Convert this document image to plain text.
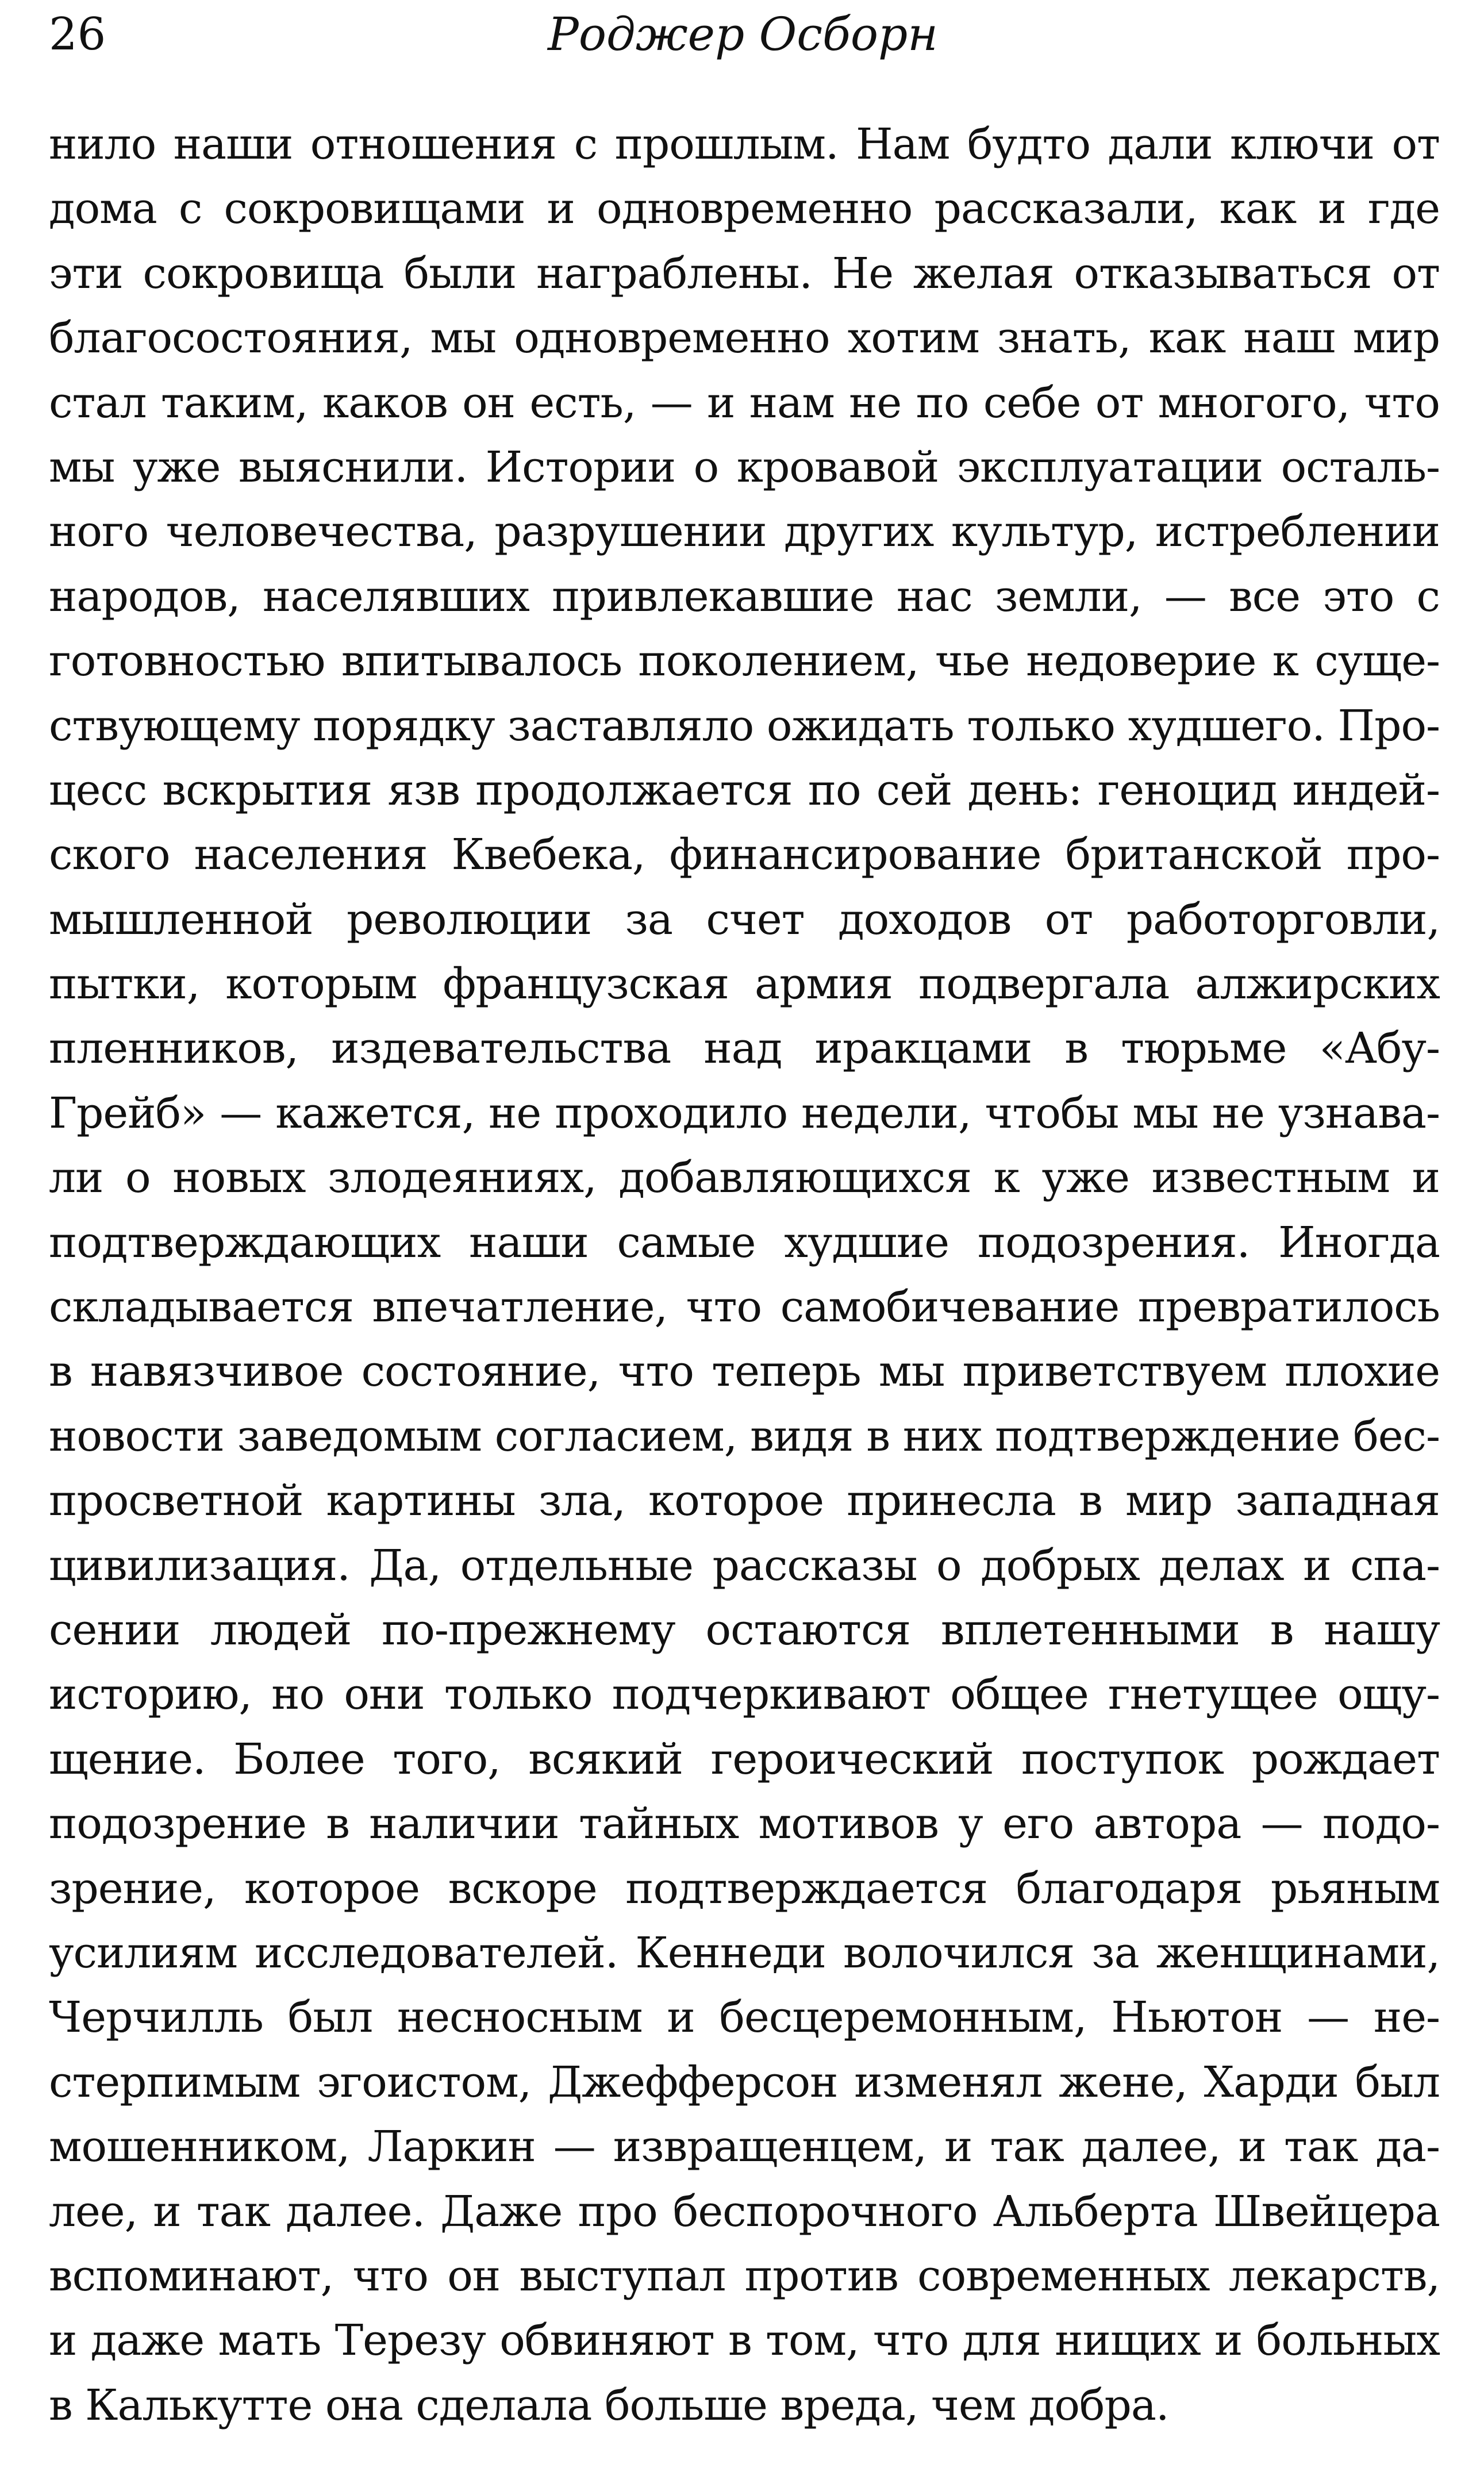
26	Роджер Осборн
нило наши отношения с прошлым. Нам будто дали ключи от
дома с сокровищами и одновременно рассказали, как и где
эти сокровища были награблены. Не желая отказываться от
благосостояния, мы одновременно хотим знать, как наш мир
стал таким, каков он есть, — и нам не по себе от многого, что
мы уже выяснили. Истории о кровавой эксплуатации осталь-
ного человечества, разрушении других культур, истреблении
народов, населявших привлекавшие нас земли, — все это с
готовностью впитывалось поколением, чье недоверие к суще-
ствующему порядку заставляло ожидать только худшего. Про-
цесс вскрытия язв продолжается по сей день: геноцид индей-
ского населения Квебека, финансирование британской про-
мышленной революции за счет доходов от работорговли,
пытки, которым французская армия подвергала алжирских
пленников, издевательства над иракцами в тюрьме «Абу-
Грейб» — кажется, не проходило недели, чтобы мы не узнава-
ли о новых злодеяниях, добавляющихся к уже известным и
подтверждающих наши самые худшие подозрения. Иногда
складывается впечатление, что самобичевание превратилось
в навязчивое состояние, что теперь мы приветствуем плохие
новости заведомым согласием, видя в них подтверждение бес-
просветной картины зла, которое принесла в мир западная
цивилизация. Да, отдельные рассказы о добрых делах и спа-
сении людей по-прежнему остаются вплетенными в нашу
историю, но они только подчеркивают общее гнетущее ощу-
щение. Более того, всякий героический поступок рождает
подозрение в наличии тайных мотивов у его автора — подо-
зрение, которое вскоре подтверждается благодаря рьяным
усилиям исследователей. Кеннеди волочился за женщинами,
Черчилль был несносным и бесцеремонным, Ньютон — не-
стерпимым эгоистом, Джефферсон изменял жене, Харди был
мошенником, Ларкин — извращенцем, и так далее, и так да-
лее, и так далее. Даже про беспорочного Альберта Швейцера
вспоминают, что он выступал против современных лекарств,
и даже мать Терезу обвиняют в том, что для нищих и больных
в Калькутте она сделала больше вреда, чем добра.
